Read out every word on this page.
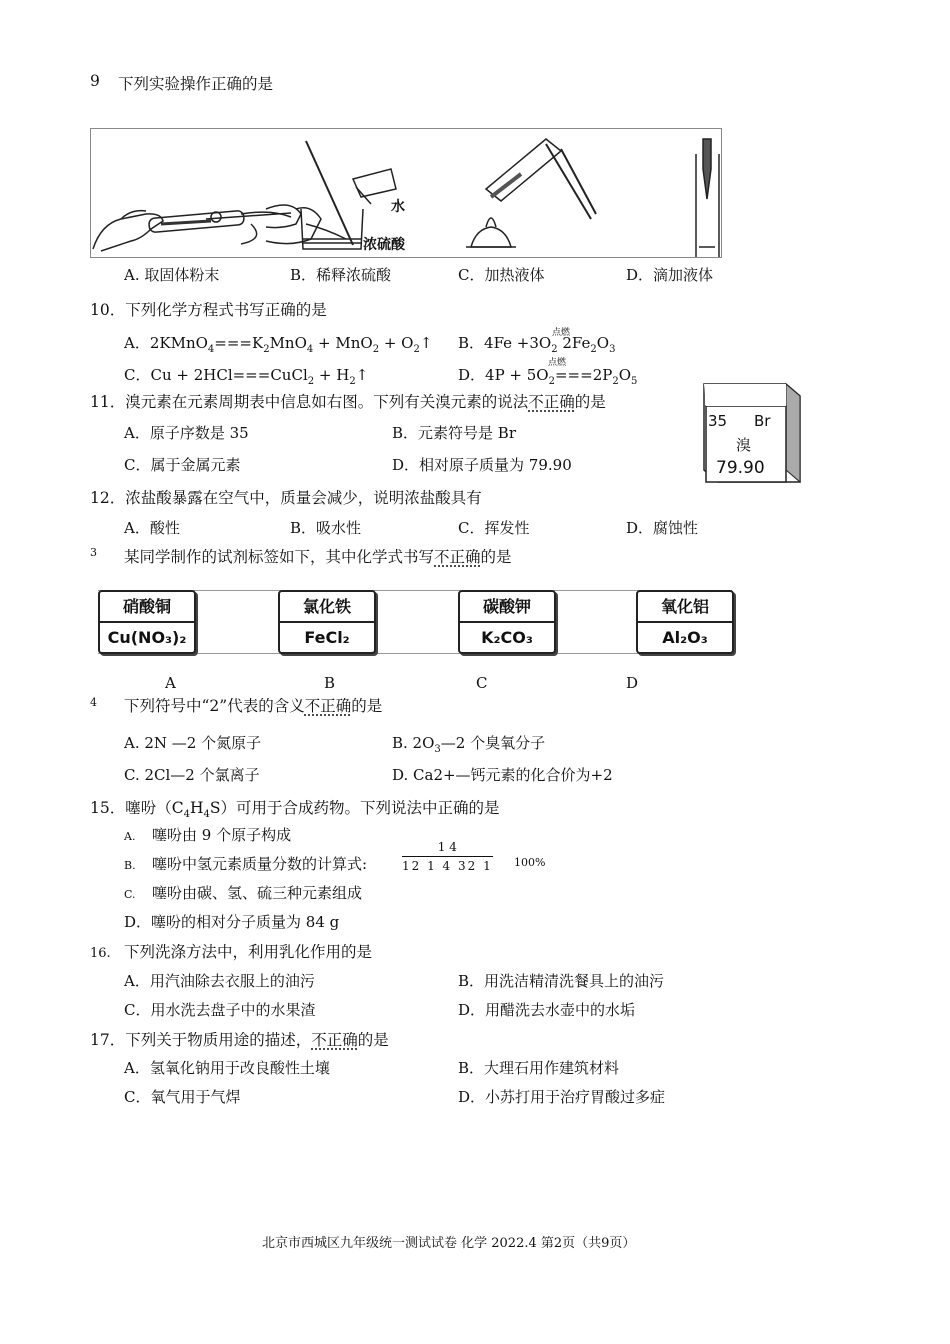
9 下列实验操作正确的是
水
浓硫酸
A. 取固体粉末	B．稀释浓硫酸	C．加热液体	D．滴加液体
10．下列化学方程式书写正确的是
A．$2KMnO_4===K_2MnO_4 + MnO_2$ + $O_2↑$
点燃
B．$4Fe +3O_2$ $2Fe_2O_3$
C．Cu + 2HCl===CuCl$_2$ + $H_2↑$
点燃
D．$4P + 5O_2===2P_2O_5$
11．溴元素在元素周期表中信息如右图。下列有关溴元素的说法不正确的是
A．原子序数是 35	B．元素符号是 Br
C．属于金属元素	D．相对原子质量为 79.90
35 Br
溴
79.90
12．浓盐酸暴露在空气中，质量会减少，说明浓盐酸具有
A．酸性	B．吸水性	C．挥发性	D．腐蚀性
3 某同学制作的试剂标签如下，其中化学式书写不正确的是
硝酸铜
Cu(NO₃)₂
氯化铁
FeCl₂
碳酸钾
K₂CO₃
氧化铝
Al₂O₃
A	B	C	D
4 下列符号中“2”代表的含义不正确的是
A. 2N —2 个氮原子	B. $2O_3—2$ 个臭氧分子
C. 2Cl—2 个氯离子	D. Ca2+—钙元素的化合价为+2
15．噻吩$(C_4H_4S)$可用于合成药物。下列说法中正确的是
A. 噻吩由 9 个原子构成
B. 噻吩中氢元素质量分数的计算式:	$\frac{1 4}{12 1 4 32 1} 100\%$
C. 噻吩由碳、氢、硫三种元素组成
D．噻吩的相对分子质量为 84 g
16. 下列洗涤方法中，利用乳化作用的是
A．用汽油除去衣服上的油污	B．用洗洁精清洗餐具上的油污
C．用水洗去盘子中的水果渣	D．用醋洗去水壶中的水垢
17．下列关于物质用途的描述，不正确的是
A．氢氧化钠用于改良酸性土壤	B．大理石用作建筑材料
C．氧气用于气焊	D．小苏打用于治疗胃酸过多症
北京市西城区九年级统一测试试卷 化学 2022.4 第2页（共9页）
